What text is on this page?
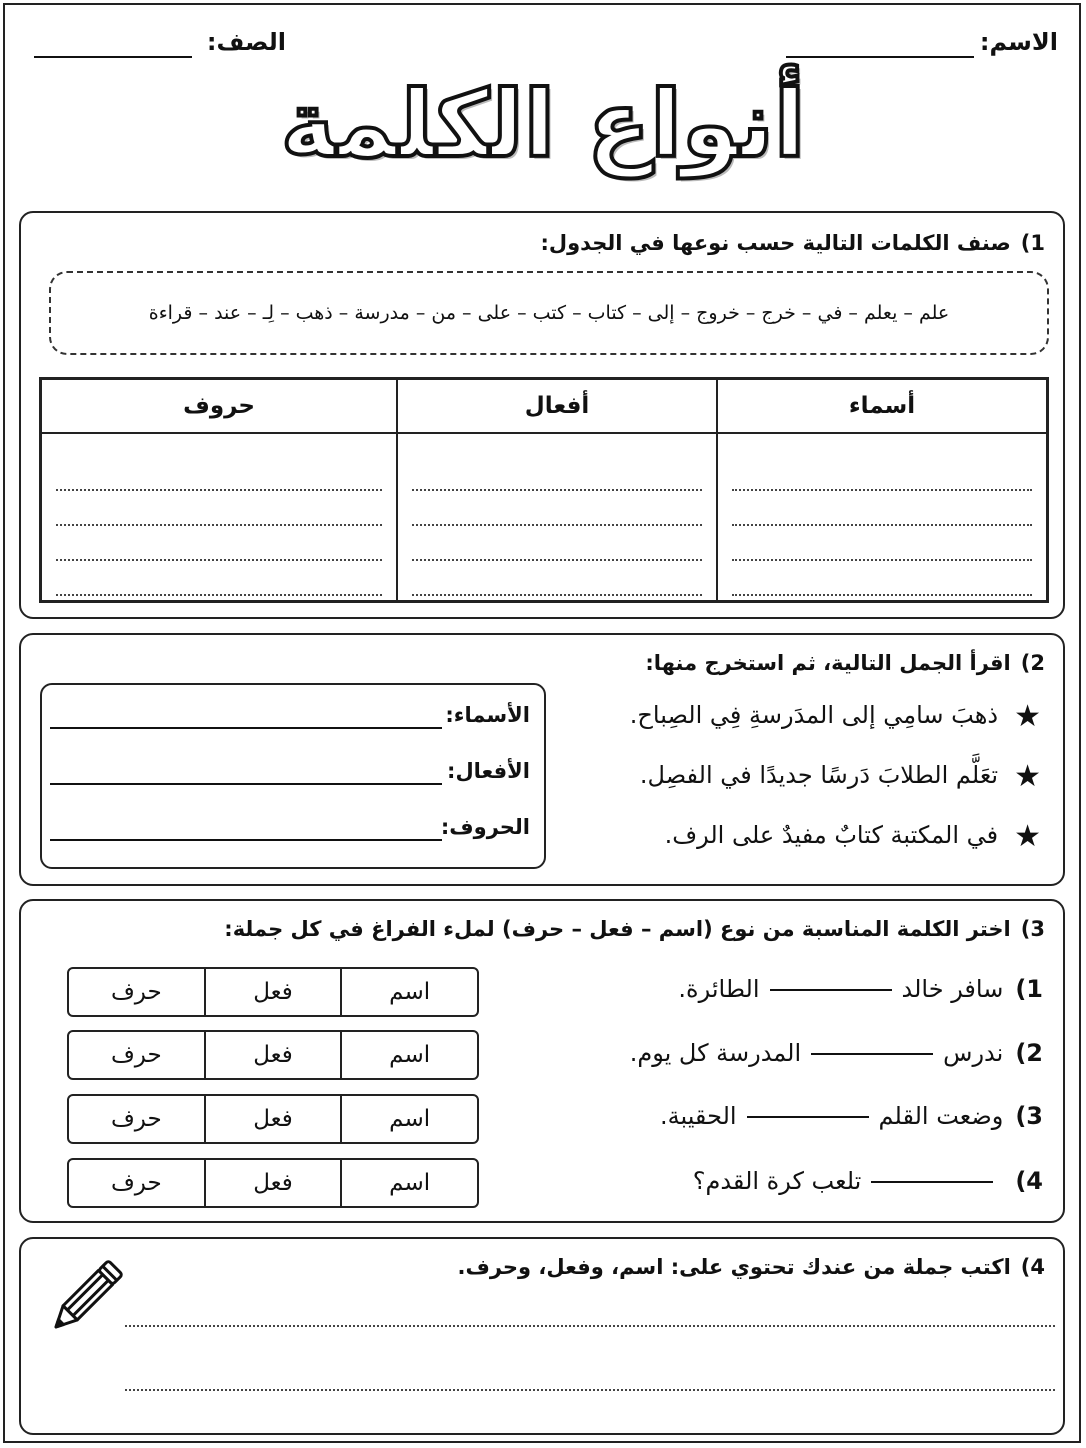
الاسم:
الصف:
أنواع الكلمة
1)صنف الكلمات التالية حسب نوعها في الجدول:
علم – يعلم – في – خرج – خروج – إلى – كتاب – كتب – على – من – مدرسة – ذهب – لِـ – عند – قراءة
أسماء	أفعال	حروف

2)اقرأ الجمل التالية، ثم استخرج منها:
★ذهبَ سامِي إلى المدَرسةِ فِي الصِباح.
★تعَلَّم الطلابَ دَرسًا جديدًا في الفصِل.
★في المكتبة كتابٌ مفيدٌ على الرف.
الأسماء:
الأفعال:
الحروف:
3)اختر الكلمة المناسبة من نوع (اسم – فعل – حرف) لملء الفراغ في كل جملة:
1)سافر خالدالطائرة.
اسم
فعل
حرف
2)ندرسالمدرسة كل يوم.
اسم
فعل
حرف
3)وضعت القلمالحقيبة.
اسم
فعل
حرف
4)تلعب كرة القدم؟
اسم
فعل
حرف
4)اكتب جملة من عندك تحتوي على: اسم، وفعل، وحرف.
